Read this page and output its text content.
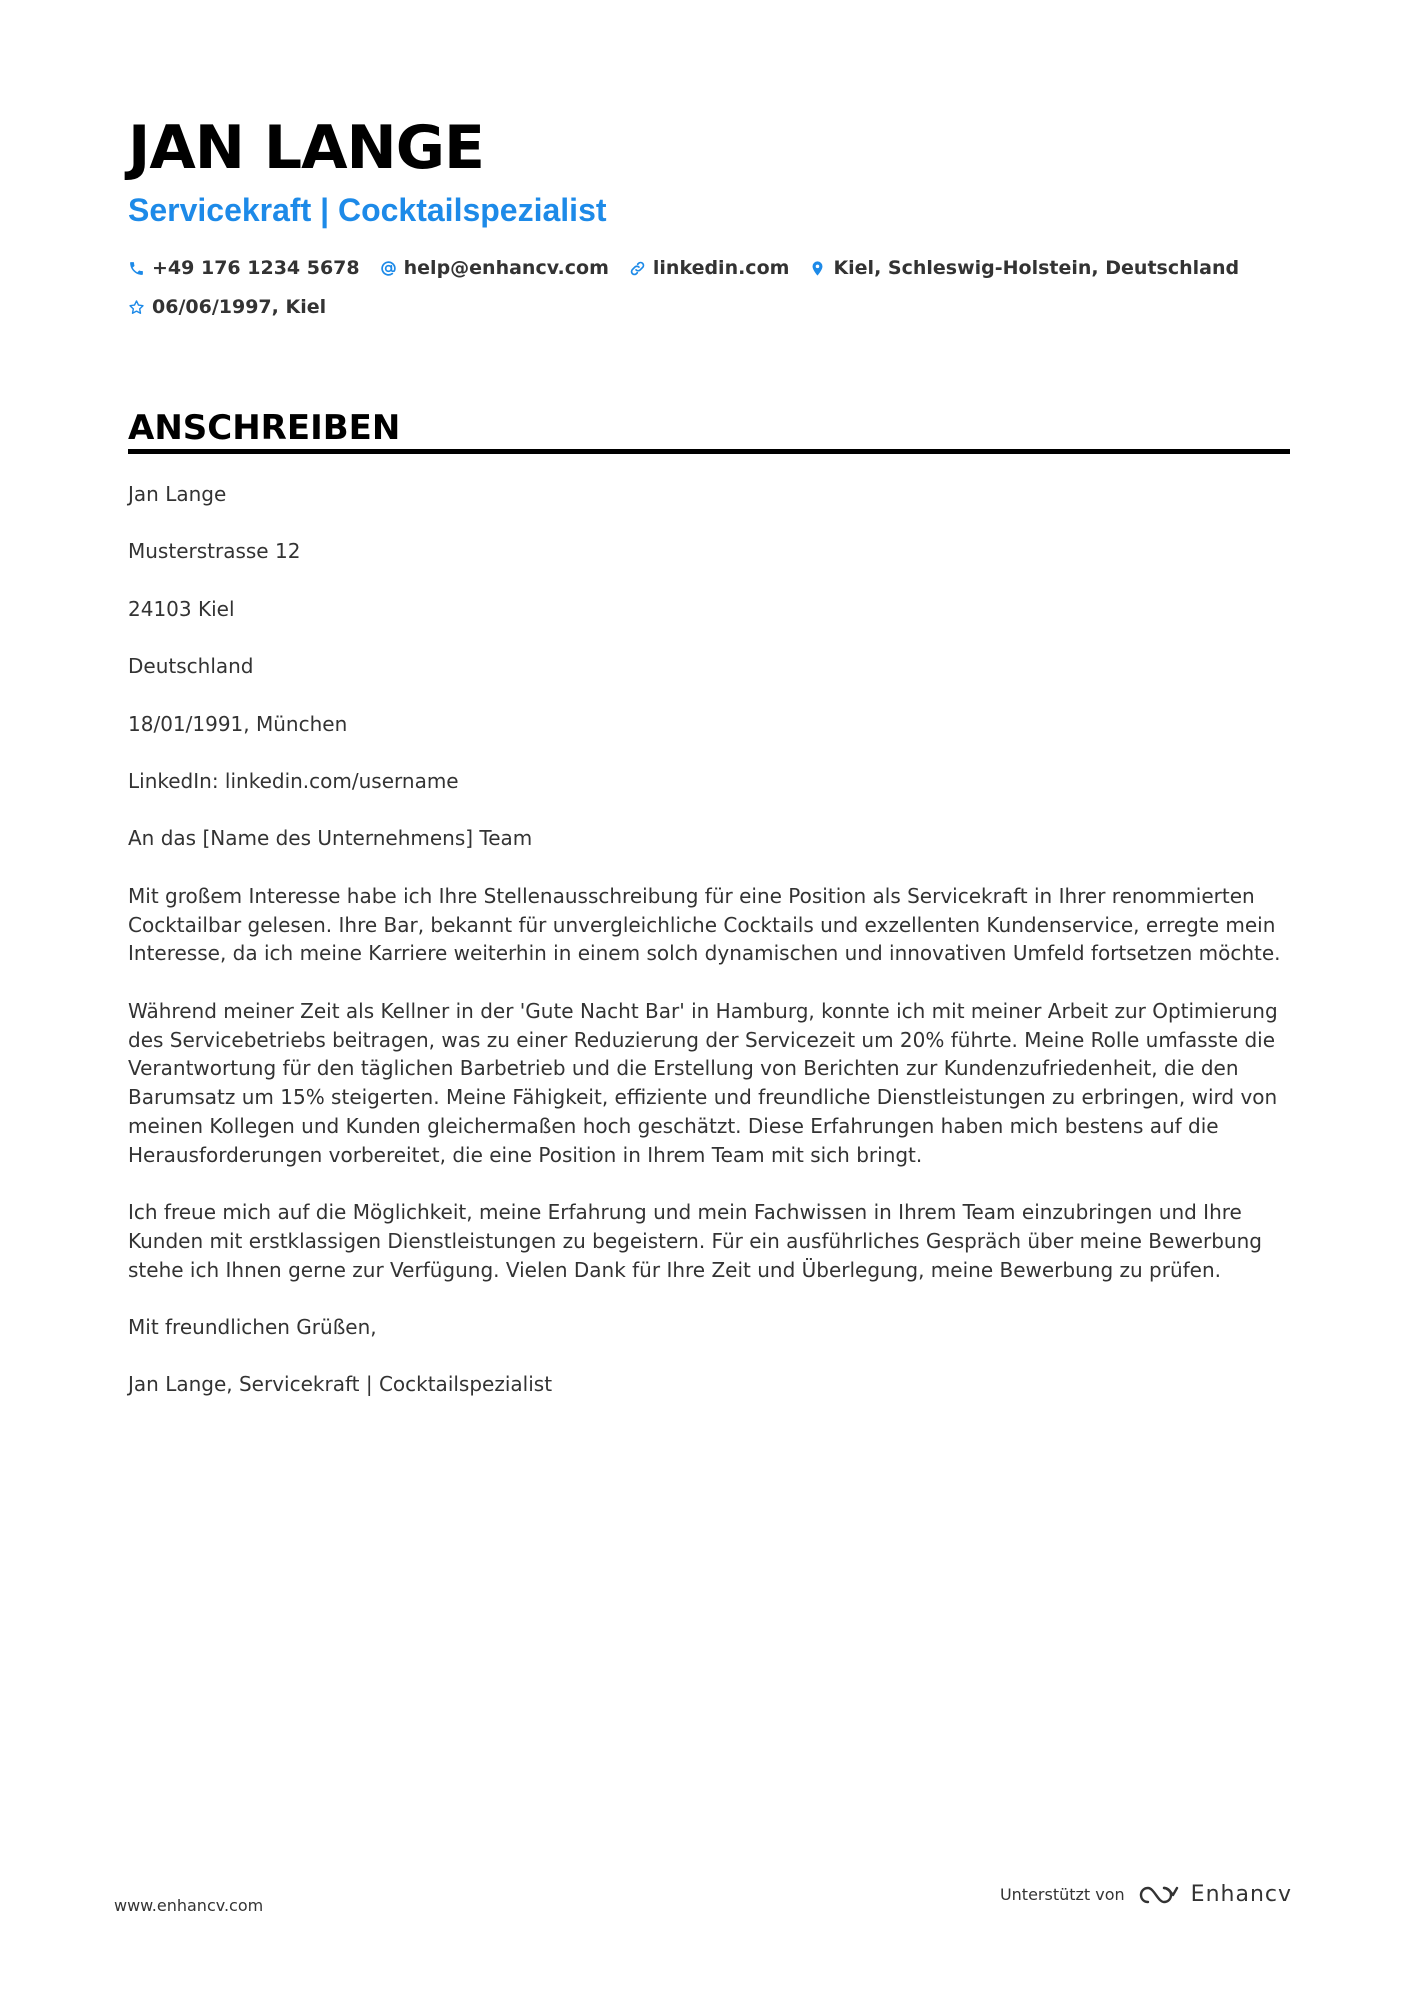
JAN LANGE
Servicekraft | Cocktailspezialist
+49 176 1234 5678 help@enhancv.com linkedin.com Kiel, Schleswig-Holstein, Deutschland
06/06/1997, Kiel
ANSCHREIBEN

Jan Lange

Musterstrasse 12

24103 Kiel

Deutschland

18/01/1991, München

LinkedIn: linkedin.com/username

An das [Name des Unternehmens] Team

Mit großem Interesse habe ich Ihre Stellenausschreibung für eine Position als Servicekraft in Ihrer renommierten Cocktailbar gelesen. Ihre Bar, bekannt für unvergleichliche Cocktails und exzellenten Kundenservice, erregte mein Interesse, da ich meine Karriere weiterhin in einem solch dynamischen und innovativen Umfeld fortsetzen möchte.

Während meiner Zeit als Kellner in der 'Gute Nacht Bar' in Hamburg, konnte ich mit meiner Arbeit zur Optimierung des Servicebetriebs beitragen, was zu einer Reduzierung der Servicezeit um 20% führte. Meine Rolle umfasste die Verantwortung für den täglichen Barbetrieb und die Erstellung von Berichten zur Kundenzufriedenheit, die den Barumsatz um 15% steigerten. Meine Fähigkeit, effiziente und freundliche Dienstleistungen zu erbringen, wird von meinen Kollegen und Kunden gleichermaßen hoch geschätzt. Diese Erfahrungen haben mich bestens auf die Herausforderungen vorbereitet, die eine Position in Ihrem Team mit sich bringt.

Ich freue mich auf die Möglichkeit, meine Erfahrung und mein Fachwissen in Ihrem Team einzubringen und Ihre Kunden mit erstklassigen Dienstleistungen zu begeistern. Für ein ausführliches Gespräch über meine Bewerbung stehe ich Ihnen gerne zur Verfügung. Vielen Dank für Ihre Zeit und Überlegung, meine Bewerbung zu prüfen.

Mit freundlichen Grüßen,

Jan Lange, Servicekraft | Cocktailspezialist

www.enhancv.com
Unterstützt von	Enhancv
